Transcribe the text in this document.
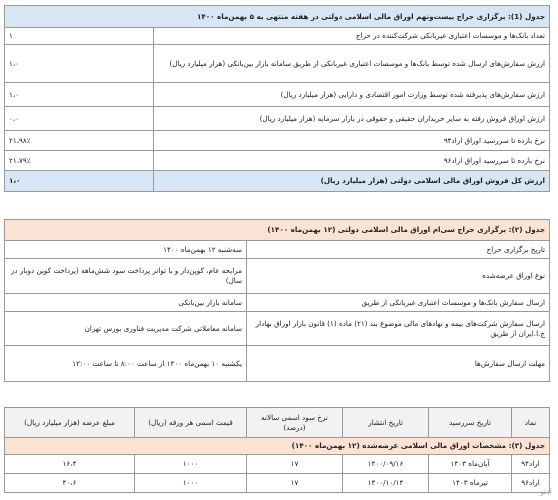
جدول (1): برگزاری حراج بیست‌ونهم اوراق مالی اسلامی دولتی در هفته منتهی به ۵ بهمن‌ماه ۱۴۰۰	
تعداد بانک‌ها و موسسات اعتباری غیربانکی شرکت‌کننده در حراج	۱
ارزش سفارش‌های ارسال شده توسط بانک‌ها و موسسات اعتباری غیربانکی از طریق سامانه بازار بین‌بانکی (هزار میلیارد ریال)	۱،۰
ارزش سفارش‌های پذیرفته شده توسط وزارت امور اقتصادی و دارایی (هزار میلیارد ریال)	۱،۰
ارزش اوراق فروش رفته به سایر خریداران حقیقی و حقوقی در بازار سرمایه (هزار میلیارد ریال)	۰،۰
نرخ بازده تا سررسید اوراق اراد۹۴	۲۱،۹۸٪
نرخ بازده تا سررسید اوراق اراد۹۶	۲۱،۷۹٪
ارزش کل فروش اوراق مالی اسلامی دولتی (هزار میلیارد ریال)	۱،۰
جدول (۲): برگزاری حراج سی‌ام اوراق مالی اسلامی دولتی (۱۲ بهمن‌ماه ۱۴۰۰)	
تاریخ برگزاری حراج	سه‌شنبه ۱۲ بهمن‌ماه ۱۴۰۰
نوع اوراق عرضه‌شده	مرابحه عام، کوپن‌دار و با تواتر پرداخت سود شش‌ماهه (پرداخت کوپن دوبار در سال)
ارسال سفارش بانک‌ها و موسسات اعتباری غیربانکی از طریق	سامانه بازار بین‌بانکی
ارسال سفارش شرکت‌های بیمه و نهادهای مالی موضوع بند (۲۱) ماده (۱) قانون بازار اوراق بهادار ج.ا.ایران از طریق	سامانه معاملاتی شرکت مدیریت فناوری بورس تهران
مهلت ارسال سفارش‌ها	یکشنبه ۱۰ بهمن‌ماه ۱۴۰۰ از ساعت ۸:۰۰ تا ساعت ۱۲:۰۰
جدول (۳): مشخصات اوراق مالی اسلامی عرضه‌شده (۱۲ بهمن‌ماه ۱۴۰۰)					
نماد	تاریخ سررسید	تاریخ انتشار	نرخ سود اسمی سالانه (درصد)	قیمت اسمی هر ورقه (ریال)	مبلغ عرضه (هزار میلیارد ریال)
اراد۹۴	آبان‌ماه ۱۴۰۳	۱۴۰۰/۰۹/۱۶	۱۷	۱۰۰۰	۱۶،۴
اراد۹۶	تیرماه ۱۴۰۳	۱۴۰۰/۱۰/۱۴	۱۷	۱۰۰۰	۴۰،۶
ادتو
